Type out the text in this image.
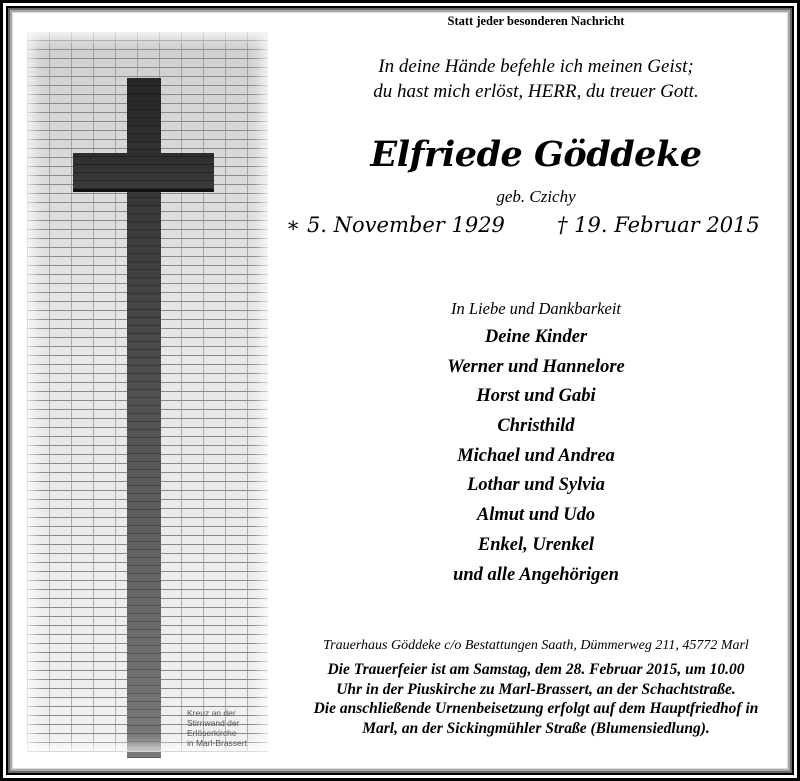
Kreuz an der
Stirnwand der
Erlöserkirche
in Marl-Brassert
Statt jeder besonderen Nachricht
In deine Hände befehle ich meinen Geist;
du hast mich erlöst, HERR, du treuer Gott.
Elfriede Göddeke
geb. Czichy
∗ 5. November 1929 † 19. Februar 2015
In Liebe und Dankbarkeit
Deine Kinder
Werner und Hannelore
Horst und Gabi
Christhild
Michael und Andrea
Lothar und Sylvia
Almut und Udo
Enkel, Urenkel
und alle Angehörigen
Trauerhaus Göddeke c/o Bestattungen Saath, Dümmerweg 211, 45772 Marl
Die Trauerfeier ist am Samstag, dem 28. Februar 2015, um 10.00
Uhr in der Piuskirche zu Marl-Brassert, an der Schachtstraße.
Die anschließende Urnenbeisetzung erfolgt auf dem Hauptfriedhof in
Marl, an der Sickingmühler Straße (Blumensiedlung).
